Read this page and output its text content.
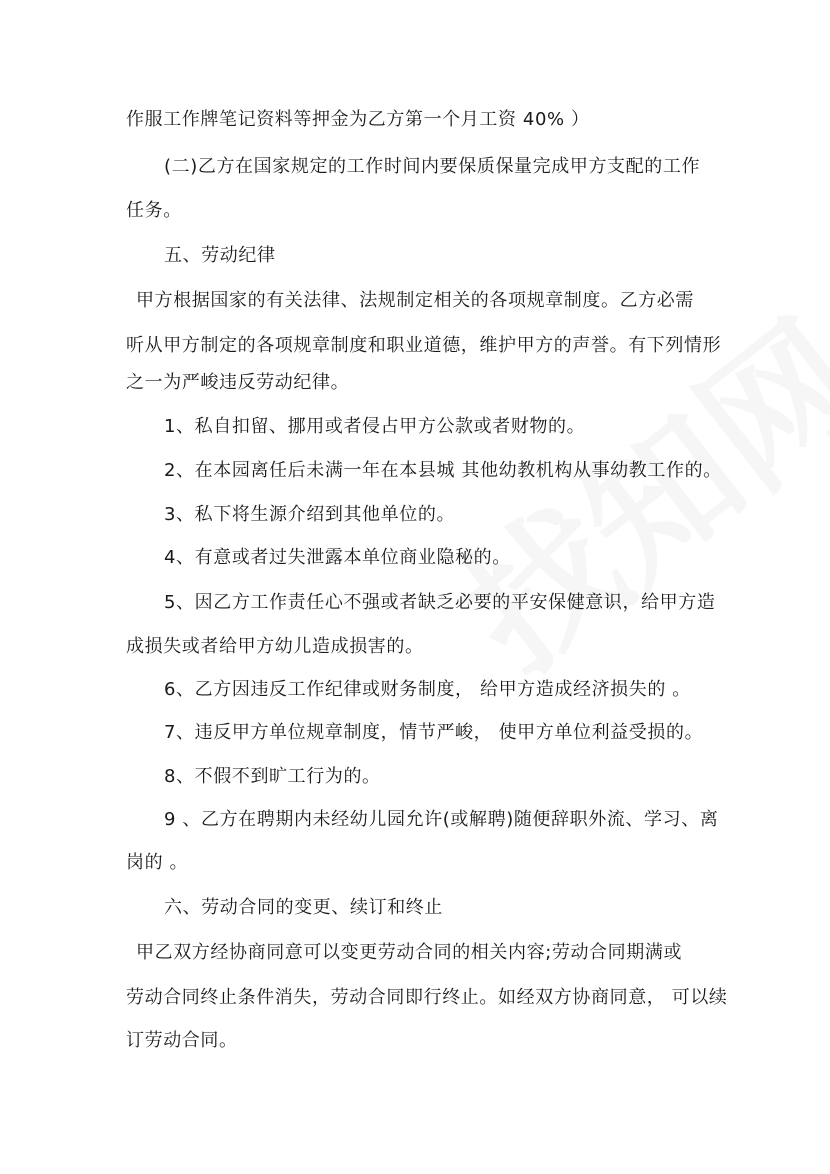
作服工作牌笔记资料等押金为乙方第一个月工资 40% ）
(二)乙方在国家规定的工作时间内要保质保量完成甲方支配的工作
任务。
五、劳动纪律
甲方根据国家的有关法律、法规制定相关的各项规章制度。乙方必需
听从甲方制定的各项规章制度和职业道德，维护甲方的声誉。有下列情形
之一为严峻违反劳动纪律。
1、私自扣留、挪用或者侵占甲方公款或者财物的。
2、在本园离任后未满一年在本县城 其他幼教机构从事幼教工作的。
3、私下将生源介绍到其他单位的。
4、有意或者过失泄露本单位商业隐秘的。
5、因乙方工作责任心不强或者缺乏必要的平安保健意识，给甲方造
成损失或者给甲方幼儿造成损害的。
6、乙方因违反工作纪律或财务制度， 给甲方造成经济损失的 。
7、违反甲方单位规章制度，情节严峻， 使甲方单位利益受损的。
8、不假不到旷工行为的。
9 、乙方在聘期内未经幼儿园允许(或解聘)随便辞职外流、学习、离
岗的 。
六、劳动合同的变更、续订和终止
甲乙双方经协商同意可以变更劳动合同的相关内容;劳动合同期满或
劳动合同终止条件消失，劳动合同即行终止。如经双方协商同意， 可以续
订劳动合同。
